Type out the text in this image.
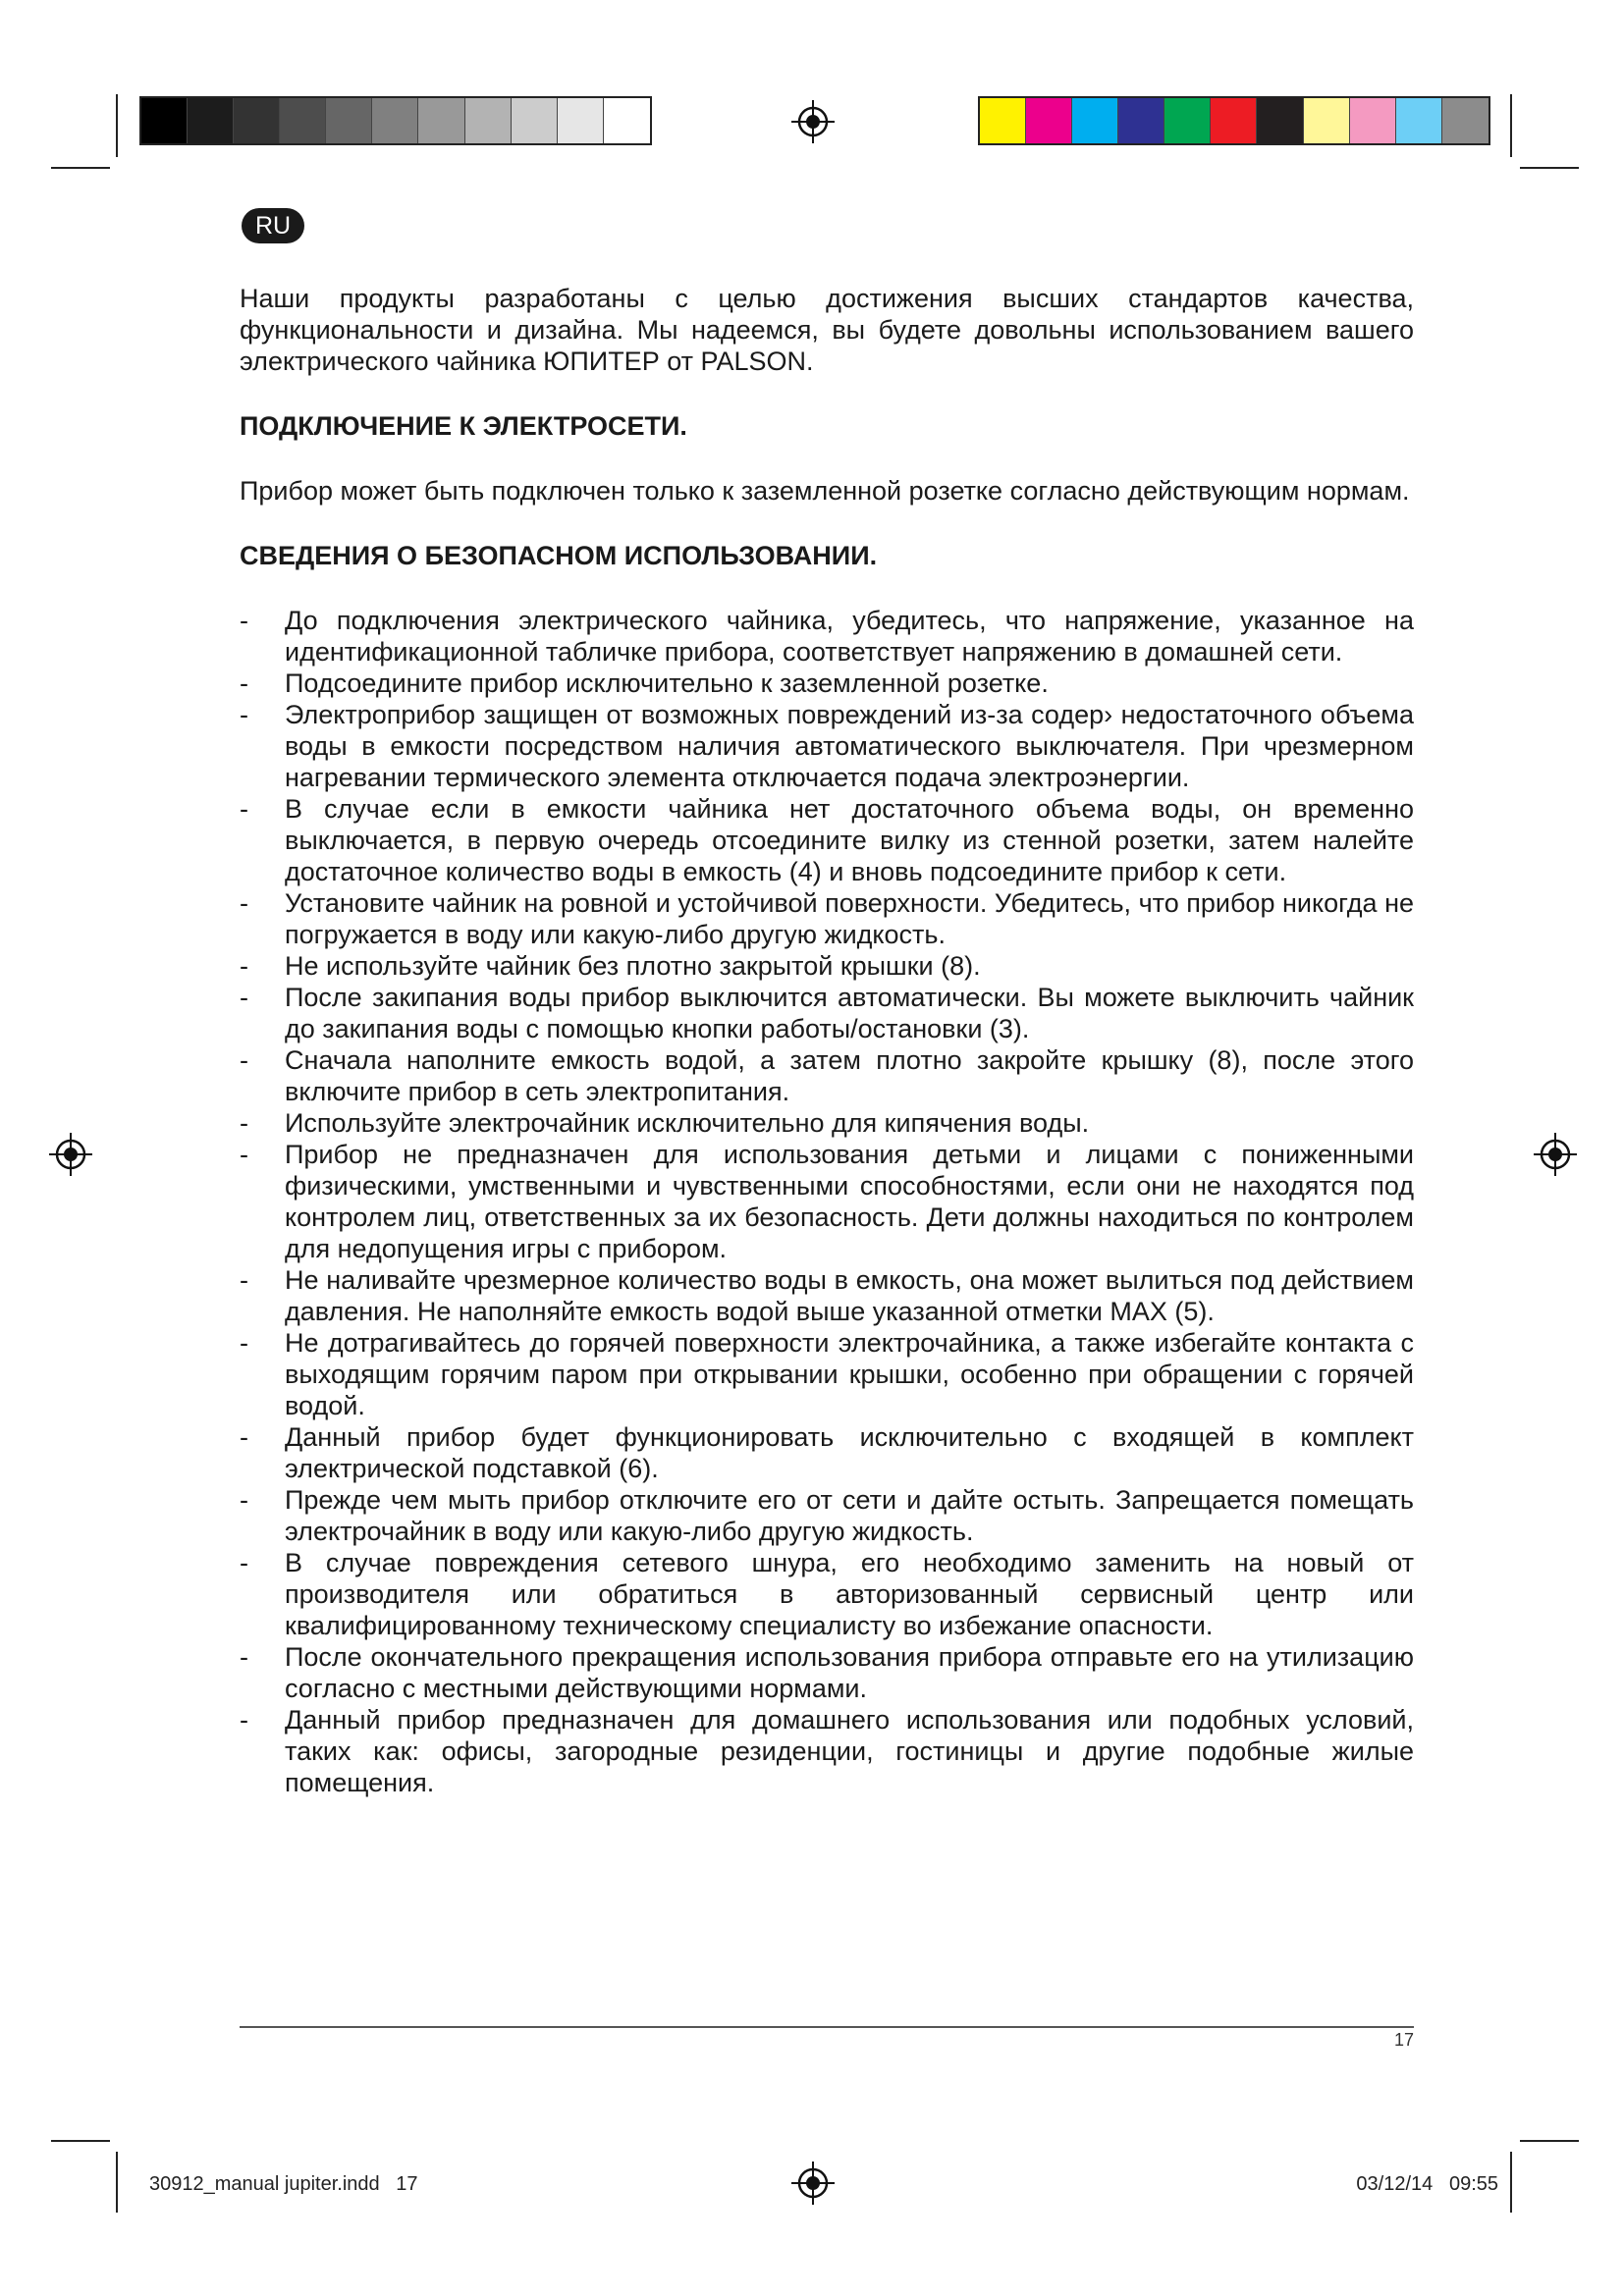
RU

Наши продукты разработаны с целью достижения высших стандартов качества, функциональности и дизайна. Мы надеемся, вы будете довольны использованием вашего электрического чайника ЮПИТЕР от PALSON.

ПОДКЛЮЧЕНИЕ К ЭЛЕКТРОСЕТИ.

Прибор может быть подключен только к заземленной розетке согласно действующим нормам.

СВЕДЕНИЯ О БЕЗОПАСНОМ ИСПОЛЬЗОВАНИИ.
- До подключения электрического чайника, убедитесь, что напряжение, указанное на идентификационной табличке прибора, соответствует напряжению в домашней сети.
- Подсоедините прибор исключительно к заземленной розетке.
- Электроприбор защищен от возможных повреждений из-за содер› недостаточного объема воды в емкости посредством наличия автоматического выключателя. При чрезмерном нагревании термического элемента отключается подача электроэнергии.
- В случае если в емкости чайника нет достаточного объема воды, он временно выключается, в первую очередь отсоедините вилку из стенной розетки, затем налейте достаточное количество воды в емкость (4) и вновь подсоедините прибор к сети.
- Установите чайник на ровной и устойчивой поверхности. Убедитесь, что прибор никогда не погружается в воду или какую-либо другую жидкость.
- Не используйте чайник без плотно закрытой крышки (8).
- После закипания воды прибор выключится автоматически. Вы можете выключить чайник до закипания воды с помощью кнопки работы/остановки (3).
- Сначала наполните емкость водой, а затем плотно закройте крышку (8), после этого включите прибор в сеть электропитания.
- Используйте электрочайник исключительно для кипячения воды.
- Прибор не предназначен для использования детьми и лицами с пониженными физическими, умственными и чувственными способностями, если они не находятся под контролем лиц, ответственных за их безопасность. Дети должны находиться по контролем для недопущения игры с прибором.
- Не наливайте чрезмерное количество воды в емкость, она может вылиться под действием давления. Не наполняйте емкость водой выше указанной отметки MAX (5).
- Не дотрагивайтесь до горячей поверхности электрочайника, а также избегайте контакта с выходящим горячим паром при открывании крышки, особенно при обращении с горячей водой.
- Данный прибор будет функционировать исключительно с входящей в комплект электрической подставкой (6).
- Прежде чем мыть прибор отключите его от сети и дайте остыть. Запрещается помещать электрочайник в воду или какую-либо другую жидкость.
- В случае повреждения сетевого шнура, его необходимо заменить на новый от производителя или обратиться в авторизованный сервисный центр или квалифицированному техническому специалисту во избежание опасности.
- После окончательного прекращения использования прибора отправьте его на утилизацию согласно с местными действующими нормами.
- Данный прибор предназначен для домашнего использования или подобных условий, таких как: офисы, загородные резиденции, гостиницы и другие подобные жилые помещения.
17
30912_manual jupiter.indd   17	03/12/14   09:55
